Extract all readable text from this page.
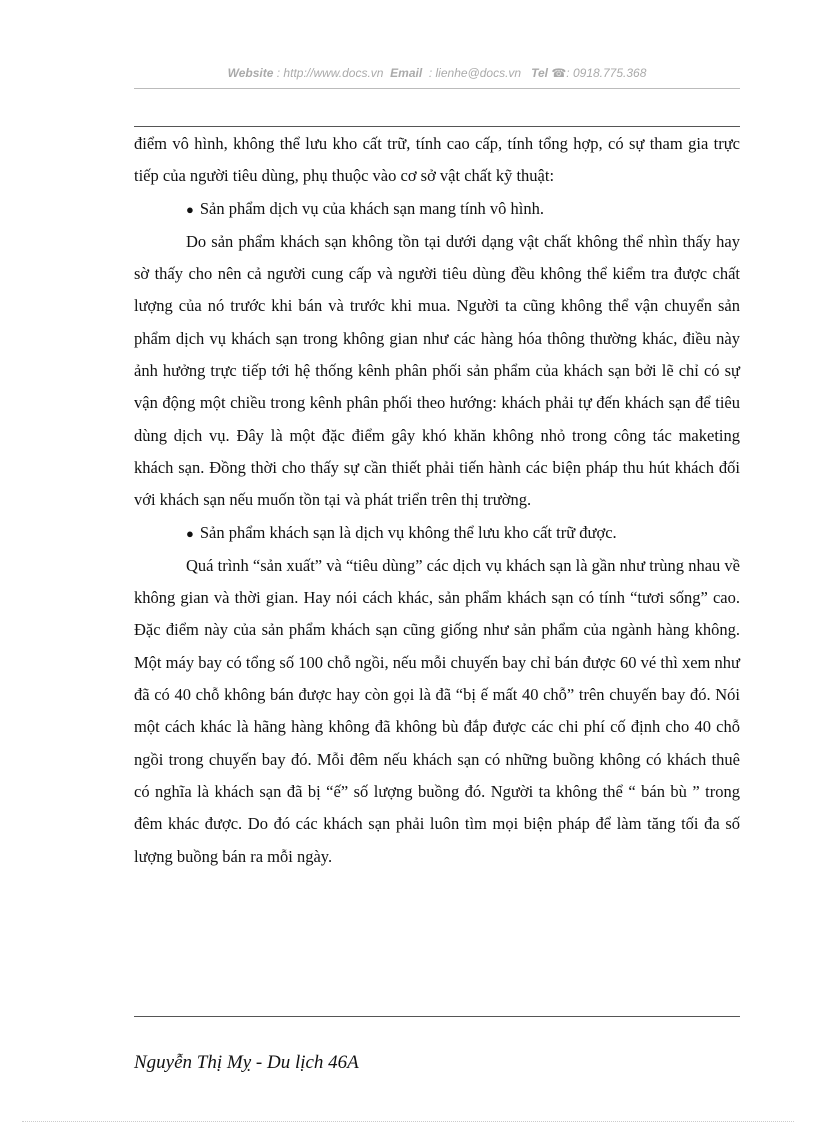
Website : http://www.docs.vn Email : lienhe@docs.vn Tel ☎: 0918.775.368

điểm vô hình, không thể lưu kho cất trữ, tính cao cấp, tính tổng hợp, có sự tham gia trực tiếp của người tiêu dùng, phụ thuộc vào cơ sở vật chất kỹ thuật:

● Sản phẩm dịch vụ của khách sạn mang tính vô hình.

Do sản phẩm khách sạn không tồn tại dưới dạng vật chất không thể nhìn thấy hay sờ thấy cho nên cả người cung cấp và người tiêu dùng đều không thể kiểm tra được chất lượng của nó trước khi bán và trước khi mua. Người ta cũng không thể vận chuyển sản phẩm dịch vụ khách sạn trong không gian như các hàng hóa thông thường khác, điều này ảnh hưởng trực tiếp tới hệ thống kênh phân phối sản phẩm của khách sạn bởi lẽ chỉ có sự vận động một chiều trong kênh phân phối theo hướng: khách phải tự đến khách sạn để tiêu dùng dịch vụ. Đây là một đặc điểm gây khó khăn không nhỏ trong công tác maketing khách sạn. Đồng thời cho thấy sự cần thiết phải tiến hành các biện pháp thu hút khách đối với khách sạn nếu muốn tồn tại và phát triển trên thị trường.

● Sản phẩm khách sạn là dịch vụ không thể lưu kho cất trữ được.

Quá trình “sản xuất” và “tiêu dùng” các dịch vụ khách sạn là gần như trùng nhau về không gian và thời gian. Hay nói cách khác, sản phẩm khách sạn có tính “tươi sống” cao. Đặc điểm này của sản phẩm khách sạn cũng giống như sản phẩm của ngành hàng không. Một máy bay có tổng số 100 chỗ ngồi, nếu mỗi chuyến bay chỉ bán được 60 vé thì xem như đã có 40 chỗ không bán được hay còn gọi là đã “bị ế mất 40 chỗ” trên chuyến bay đó. Nói một cách khác là hãng hàng không đã không bù đắp được các chi phí cố định cho 40 chỗ ngồi trong chuyến bay đó. Mỗi đêm nếu khách sạn có những buồng không có khách thuê có nghĩa là khách sạn đã bị “ế” số lượng buồng đó. Người ta không thể “ bán bù ” trong đêm khác được. Do đó các khách sạn phải luôn tìm mọi biện pháp để làm tăng tối đa số lượng buồng bán ra mỗi ngày.

Nguyễn Thị Mỵ - Du lịch 46A
